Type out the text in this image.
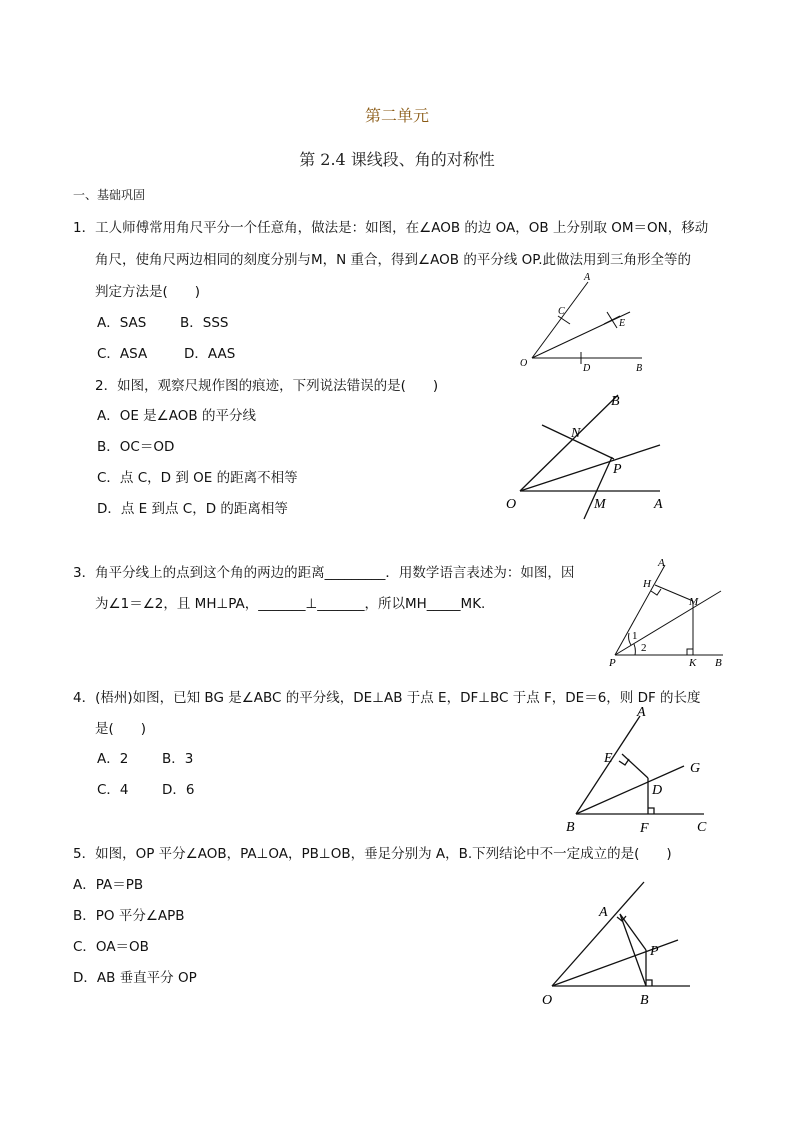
第二单元
第 2.4 课线段、角的对称性
一、基础巩固
1．工人师傅常用角尺平分一个任意角，做法是：如图，在∠AOB 的边 OA，OB 上分别取 OM＝ON，移动
角尺，使角尺两边相同的刻度分别与M，N 重合，得到∠AOB 的平分线 OP.此做法用到三角形全等的
判定方法是(　　)
A．SAS B．SSS
C．ASA	D．AAS
A
C
E
O	D	B
2．如图，观察尺规作图的痕迹，下列说法错误的是(　　)
A．OE 是∠AOB 的平分线
B．OC＝OD
C．点 C，D 到 OE 的距离不相等
D．点 E 到点 C，D 的距离相等
B
N
P
O	M	A
3．角平分线上的点到这个角的两边的距离_________．用数学语言表述为：如图，因
为∠1＝∠2，且 MH⊥PA，_______⊥_______，所以MH_____MK.
A
H
M
1
2
P	K B
4．(梧州)如图，已知 BG 是∠ABC 的平分线，DE⊥AB 于点 E，DF⊥BC 于点 F，DE＝6，则 DF 的长度
是(　　)
A．2 B．3
C．4 D．6
A
E
G
D
B	F	C
5．如图，OP 平分∠AOB，PA⊥OA，PB⊥OB，垂足分别为 A，B.下列结论中不一定成立的是(　　)
A．PA＝PB
B．PO 平分∠APB
C．OA＝OB
D．AB 垂直平分 OP
A
P
O	B
